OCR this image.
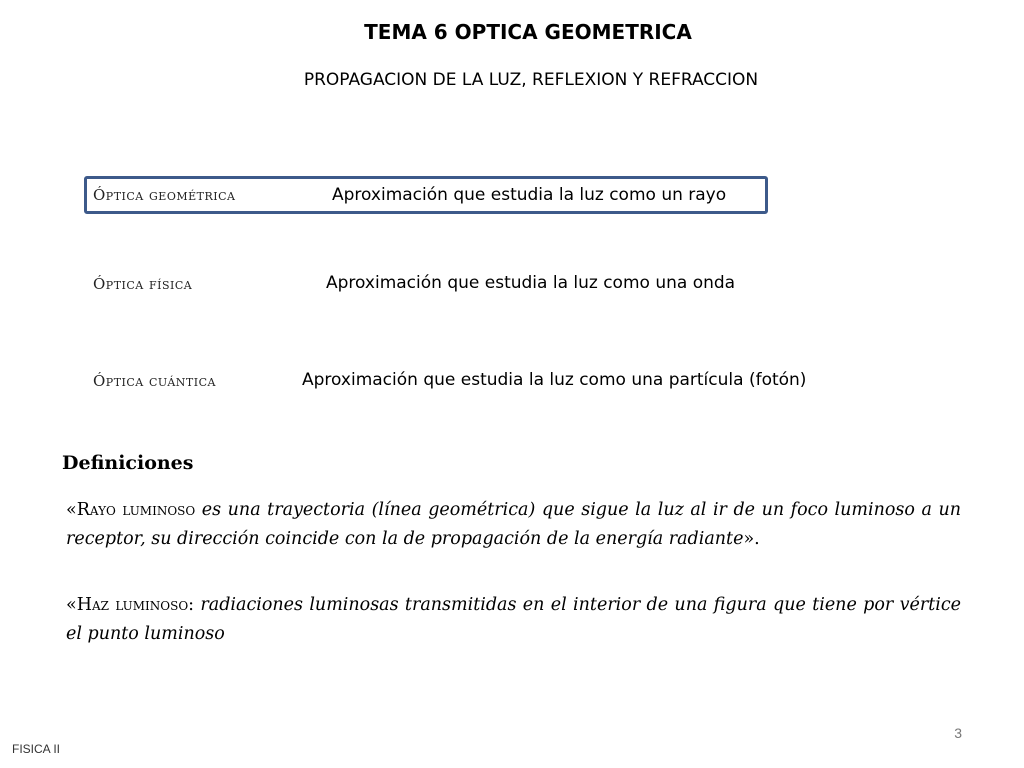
TEMA 6 OPTICA GEOMETRICA
PROPAGACION DE LA LUZ, REFLEXION Y REFRACCION
Óptica geométrica	Aproximación que estudia la luz como un rayo
Óptica física	Aproximación que estudia la luz como una onda
Óptica cuántica	Aproximación que estudia la luz como una partícula (fotón)
Definiciones
«Rayo luminoso es una trayectoria (línea geométrica) que sigue la luz al ir de un foco luminoso a un receptor, su dirección coincide con la de propagación de la energía radiante».
«Haz luminoso: radiaciones luminosas transmitidas en el interior de una figura que tiene por vértice el punto luminoso
3
FISICA II
